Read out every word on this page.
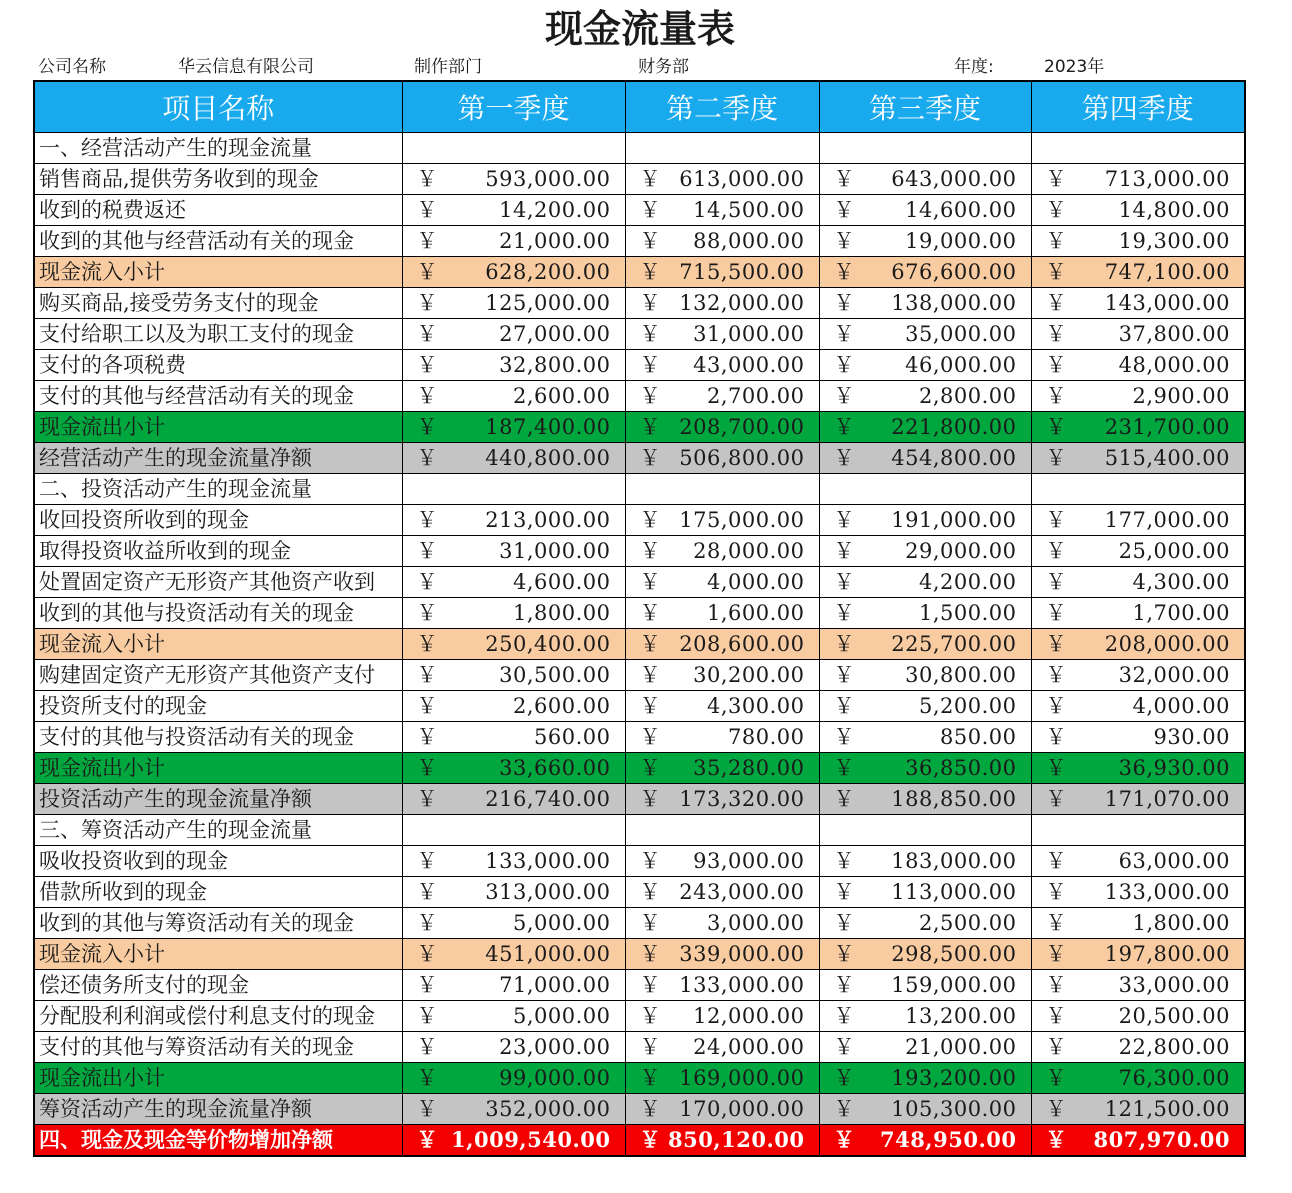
现金流量表
公司名称	华云信息有限公司	制作部门	财务部	年度:	2023年
项目名称	第一季度	第二季度	第三季度	第四季度
一、经营活动产生的现金流量				
销售商品,提供劳务收到的现金	￥ 593,000.00	￥ 613,000.00	￥ 643,000.00	￥ 713,000.00

收到的税费返还	￥ 14,200.00	￥ 14,500.00	￥ 14,600.00	￥ 14,800.00

收到的其他与经营活动有关的现金	￥ 21,000.00	￥ 88,000.00	￥ 19,000.00	￥ 19,300.00

现金流入小计	￥ 628,200.00	￥ 715,500.00	￥ 676,600.00	￥ 747,100.00

购买商品,接受劳务支付的现金	￥ 125,000.00	￥ 132,000.00	￥ 138,000.00	￥ 143,000.00

支付给职工以及为职工支付的现金	￥ 27,000.00	￥ 31,000.00	￥ 35,000.00	￥ 37,800.00

支付的各项税费	￥ 32,800.00	￥ 43,000.00	￥ 46,000.00	￥ 48,000.00

支付的其他与经营活动有关的现金	￥ 2,600.00	￥ 2,700.00	￥ 2,800.00	￥ 2,900.00

现金流出小计	￥ 187,400.00	￥ 208,700.00	￥ 221,800.00	￥ 231,700.00

经营活动产生的现金流量净额	￥ 440,800.00	￥ 506,800.00	￥ 454,800.00	￥ 515,400.00

二、投资活动产生的现金流量				
收回投资所收到的现金	￥ 213,000.00	￥ 175,000.00	￥ 191,000.00	￥ 177,000.00

取得投资收益所收到的现金	￥ 31,000.00	￥ 28,000.00	￥ 29,000.00	￥ 25,000.00

处置固定资产无形资产其他资产收到	￥ 4,600.00	￥ 4,000.00	￥ 4,200.00	￥ 4,300.00

收到的其他与投资活动有关的现金	￥ 1,800.00	￥ 1,600.00	￥ 1,500.00	￥ 1,700.00

现金流入小计	￥ 250,400.00	￥ 208,600.00	￥ 225,700.00	￥ 208,000.00

购建固定资产无形资产其他资产支付	￥ 30,500.00	￥ 30,200.00	￥ 30,800.00	￥ 32,000.00

投资所支付的现金	￥ 2,600.00	￥ 4,300.00	￥ 5,200.00	￥ 4,000.00

支付的其他与投资活动有关的现金	￥ 560.00	￥ 780.00	￥ 850.00	￥ 930.00

现金流出小计	￥ 33,660.00	￥ 35,280.00	￥ 36,850.00	￥ 36,930.00

投资活动产生的现金流量净额	￥ 216,740.00	￥ 173,320.00	￥ 188,850.00	￥ 171,070.00

三、筹资活动产生的现金流量				
吸收投资收到的现金	￥ 133,000.00	￥ 93,000.00	￥ 183,000.00	￥ 63,000.00

借款所收到的现金	￥ 313,000.00	￥ 243,000.00	￥ 113,000.00	￥ 133,000.00

收到的其他与筹资活动有关的现金	￥ 5,000.00	￥ 3,000.00	￥ 2,500.00	￥ 1,800.00

现金流入小计	￥ 451,000.00	￥ 339,000.00	￥ 298,500.00	￥ 197,800.00

偿还债务所支付的现金	￥ 71,000.00	￥ 133,000.00	￥ 159,000.00	￥ 33,000.00

分配股利利润或偿付利息支付的现金	￥ 5,000.00	￥ 12,000.00	￥ 13,200.00	￥ 20,500.00

支付的其他与筹资活动有关的现金	￥ 23,000.00	￥ 24,000.00	￥ 21,000.00	￥ 22,800.00

现金流出小计	￥ 99,000.00	￥ 169,000.00	￥ 193,200.00	￥ 76,300.00

筹资活动产生的现金流量净额	￥ 352,000.00	￥ 170,000.00	￥ 105,300.00	￥ 121,500.00

四、现金及现金等价物增加净额	￥ 1,009,540.00	￥ 850,120.00	￥ 748,950.00	￥ 807,970.00
